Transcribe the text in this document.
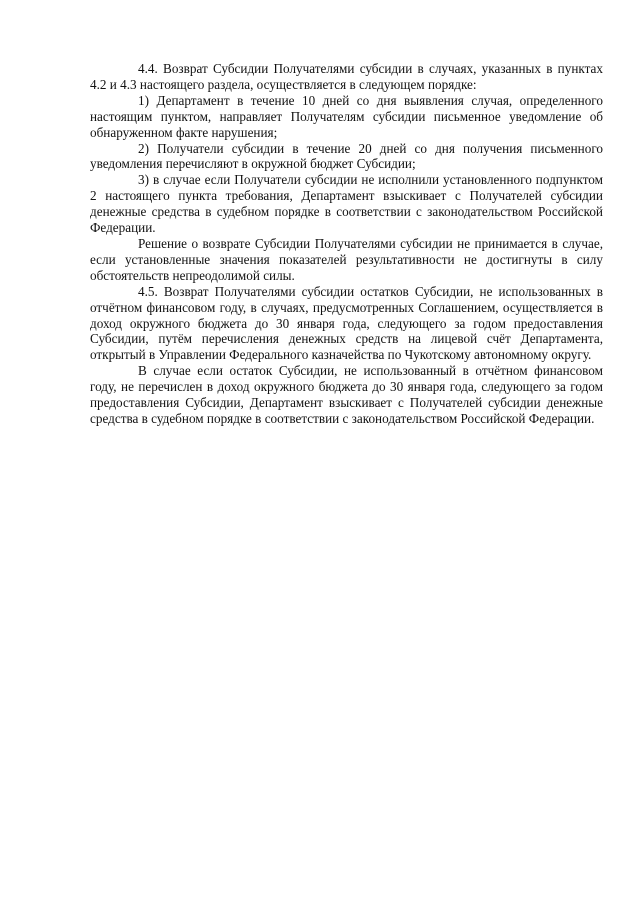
4.4. Возврат Субсидии Получателями субсидии в случаях, указанных в пунктах 4.2 и 4.3 настоящего раздела, осуществляется в следующем порядке:

1) Департамент в течение 10 дней со дня выявления случая, определенного настоящим пунктом, направляет Получателям субсидии письменное уведомление об обнаруженном факте нарушения;

2) Получатели субсидии в течение 20 дней со дня получения письменного уведомления перечисляют в окружной бюджет Субсидии;

3) в случае если Получатели субсидии не исполнили установленного подпунктом 2 настоящего пункта требования, Департамент взыскивает с Получателей субсидии денежные средства в судебном порядке в соответствии с законодательством Российской Федерации.

Решение о возврате Субсидии Получателями субсидии не принимается в случае, если установленные значения показателей результативности не достигнуты в силу обстоятельств непреодолимой силы.

4.5. Возврат Получателями субсидии остатков Субсидии, не использованных в отчётном финансовом году, в случаях, предусмотренных Соглашением, осуществляется в доход окружного бюджета до 30 января года, следующего за годом предоставления Субсидии, путём перечисления денежных средств на лицевой счёт Департамента, открытый в Управлении Федерального казначейства по Чукотскому автономному округу.

В случае если остаток Субсидии, не использованный в отчётном финансовом году, не перечислен в доход окружного бюджета до 30 января года, следующего за годом предоставления Субсидии, Департамент взыскивает с Получателей субсидии денежные средства в судебном порядке в соответствии с законодательством Российской Федерации.
